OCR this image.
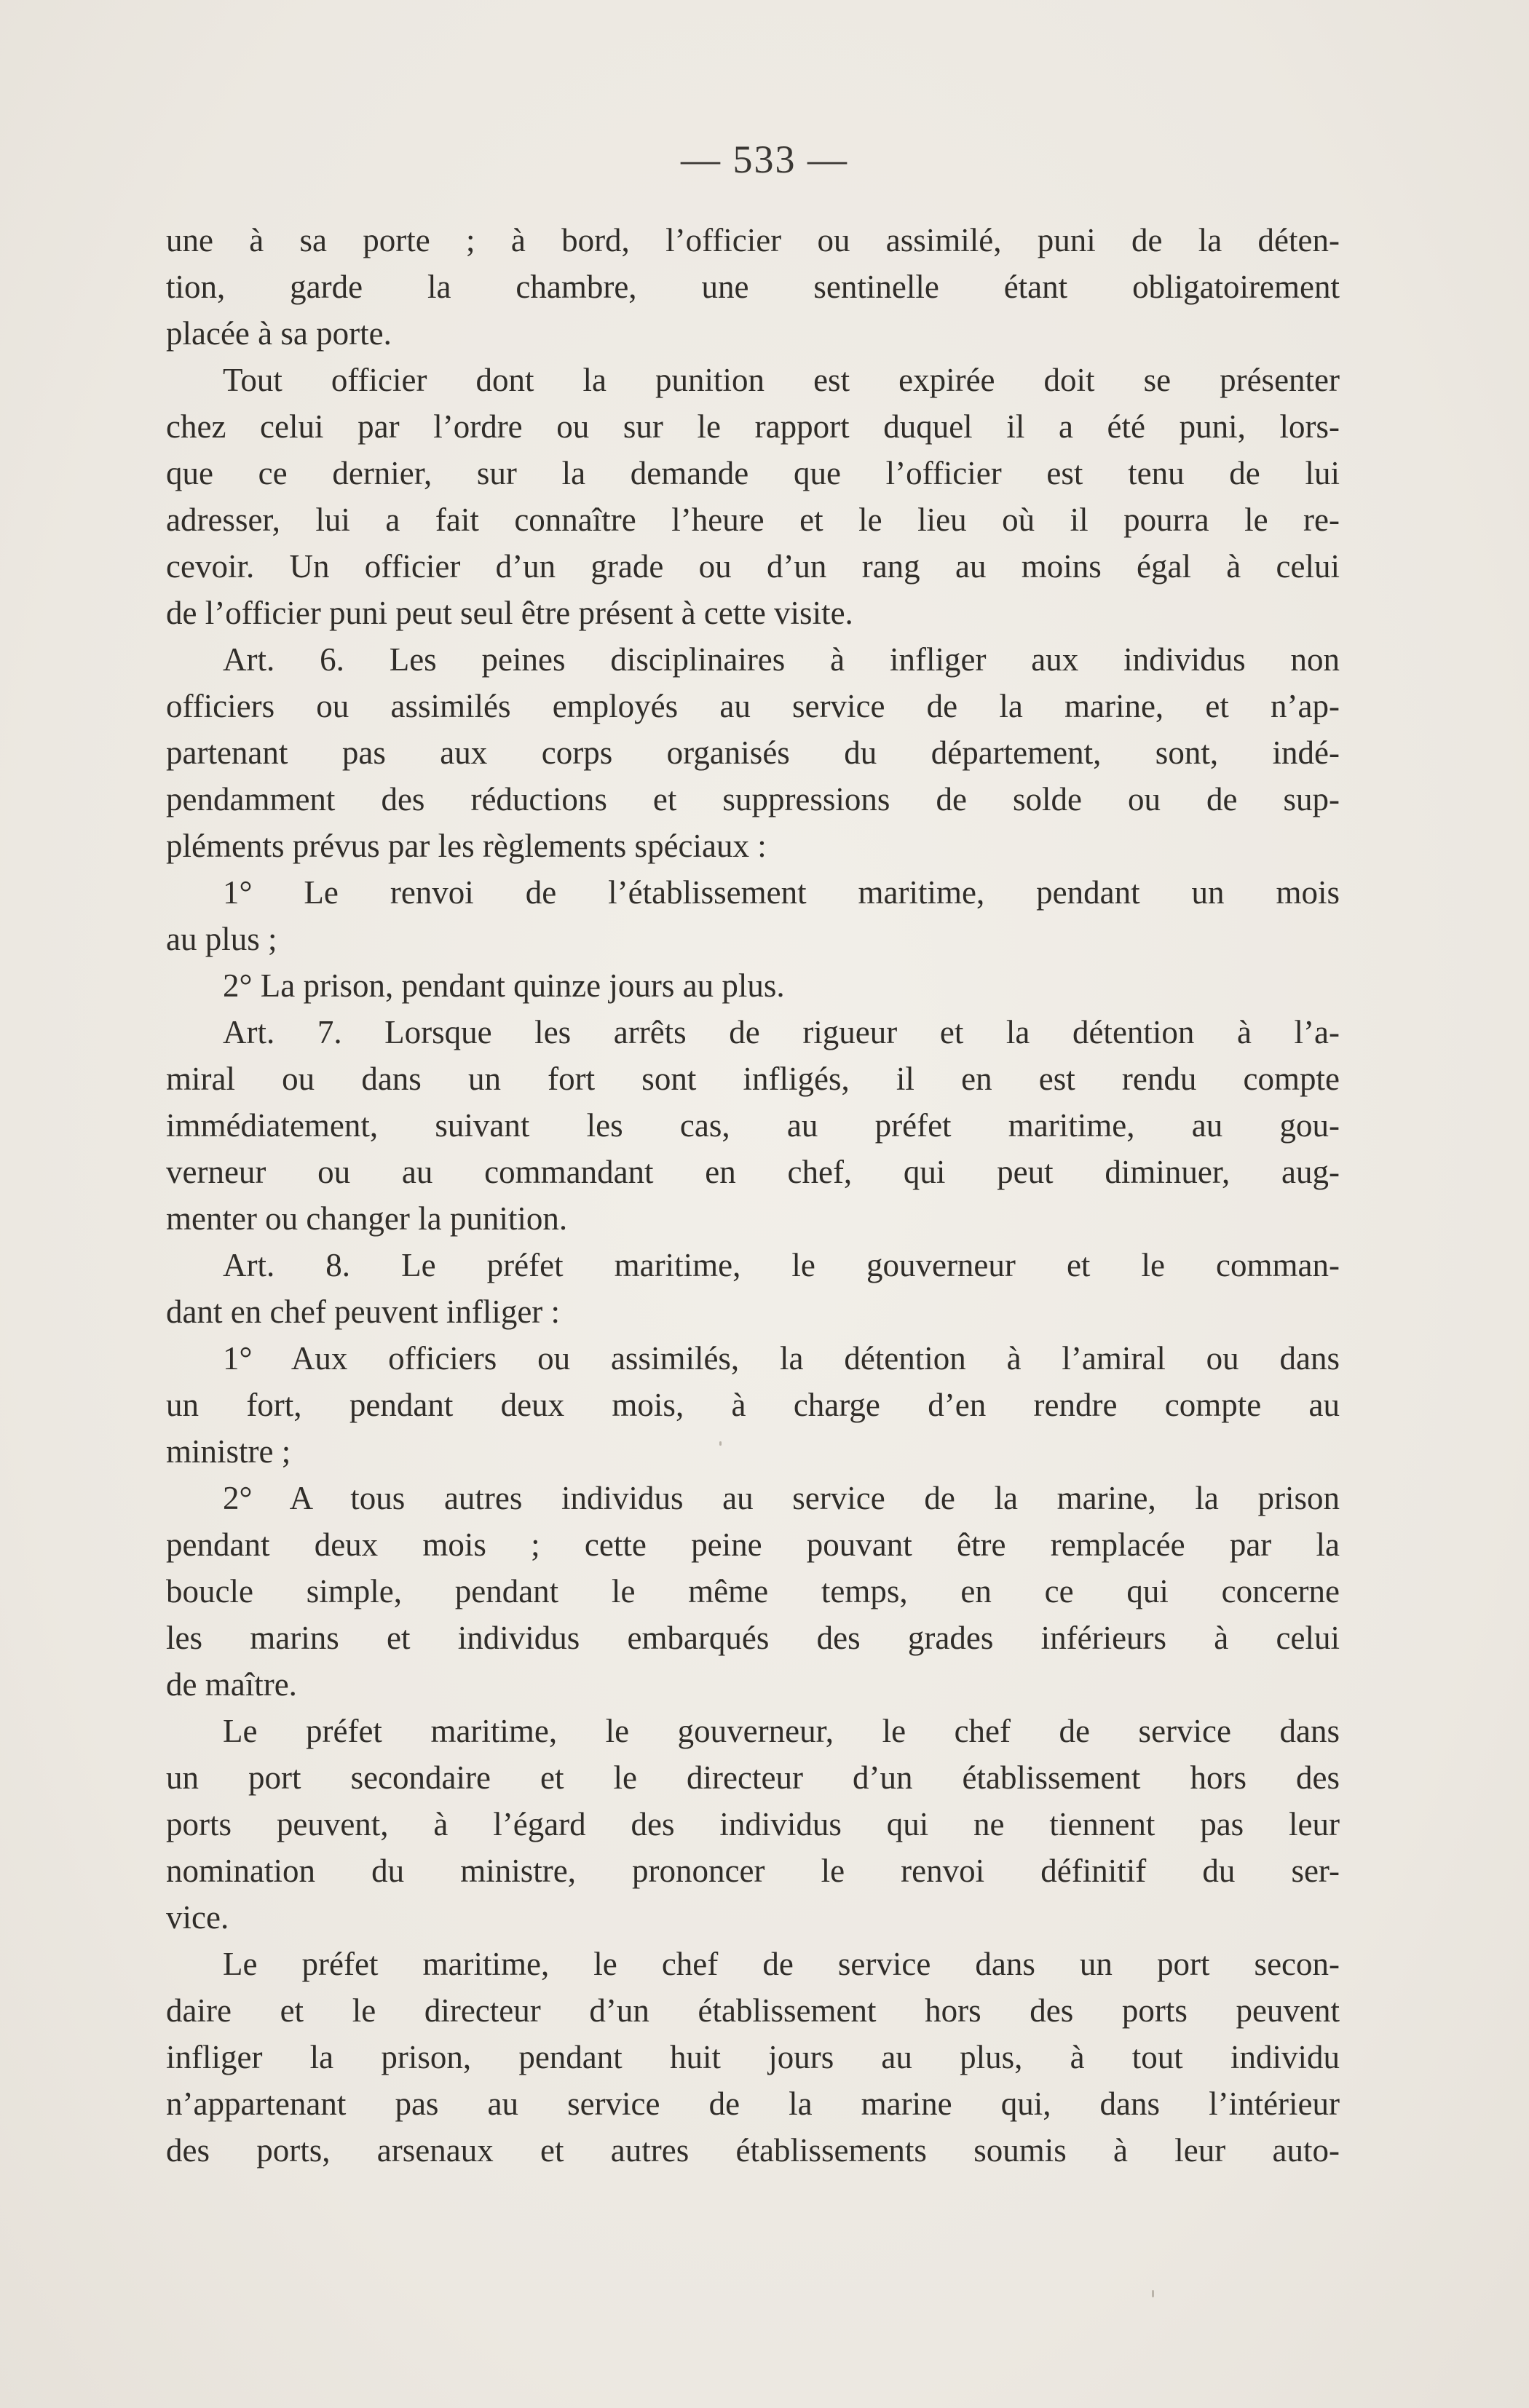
— 533 —
une à sa porte ; à bord, l’officier ou assimilé, puni de la déten-
tion, garde la chambre, une sentinelle étant obligatoirement
placée à sa porte.
Tout officier dont la punition est expirée doit se présenter
chez celui par l’ordre ou sur le rapport duquel il a été puni, lors-
que ce dernier, sur la demande que l’officier est tenu de lui
adresser, lui a fait connaître l’heure et le lieu où il pourra le re-
cevoir. Un officier d’un grade ou d’un rang au moins égal à celui
de l’officier puni peut seul être présent à cette visite.
Art. 6. Les peines disciplinaires à infliger aux individus non
officiers ou assimilés employés au service de la marine, et n’ap-
partenant pas aux corps organisés du département, sont, indé-
pendamment des réductions et suppressions de solde ou de sup-
pléments prévus par les règlements spéciaux :
1° Le renvoi de l’établissement maritime, pendant un mois
au plus ;
2° La prison, pendant quinze jours au plus.
Art. 7. Lorsque les arrêts de rigueur et la détention à l’a-
miral ou dans un fort sont infligés, il en est rendu compte
immédiatement, suivant les cas, au préfet maritime, au gou-
verneur ou au commandant en chef, qui peut diminuer, aug-
menter ou changer la punition.
Art. 8. Le préfet maritime, le gouverneur et le comman-
dant en chef peuvent infliger :
1° Aux officiers ou assimilés, la détention à l’amiral ou dans
un fort, pendant deux mois, à charge d’en rendre compte au
ministre ;
2° A tous autres individus au service de la marine, la prison
pendant deux mois ; cette peine pouvant être remplacée par la
boucle simple, pendant le même temps, en ce qui concerne
les marins et individus embarqués des grades inférieurs à celui
de maître.
Le préfet maritime, le gouverneur, le chef de service dans
un port secondaire et le directeur d’un établissement hors des
ports peuvent, à l’égard des individus qui ne tiennent pas leur
nomination du ministre, prononcer le renvoi définitif du ser-
vice.
Le préfet maritime, le chef de service dans un port secon-
daire et le directeur d’un établissement hors des ports peuvent
infliger la prison, pendant huit jours au plus, à tout individu
n’appartenant pas au service de la marine qui, dans l’intérieur
des ports, arsenaux et autres établissements soumis à leur auto-
